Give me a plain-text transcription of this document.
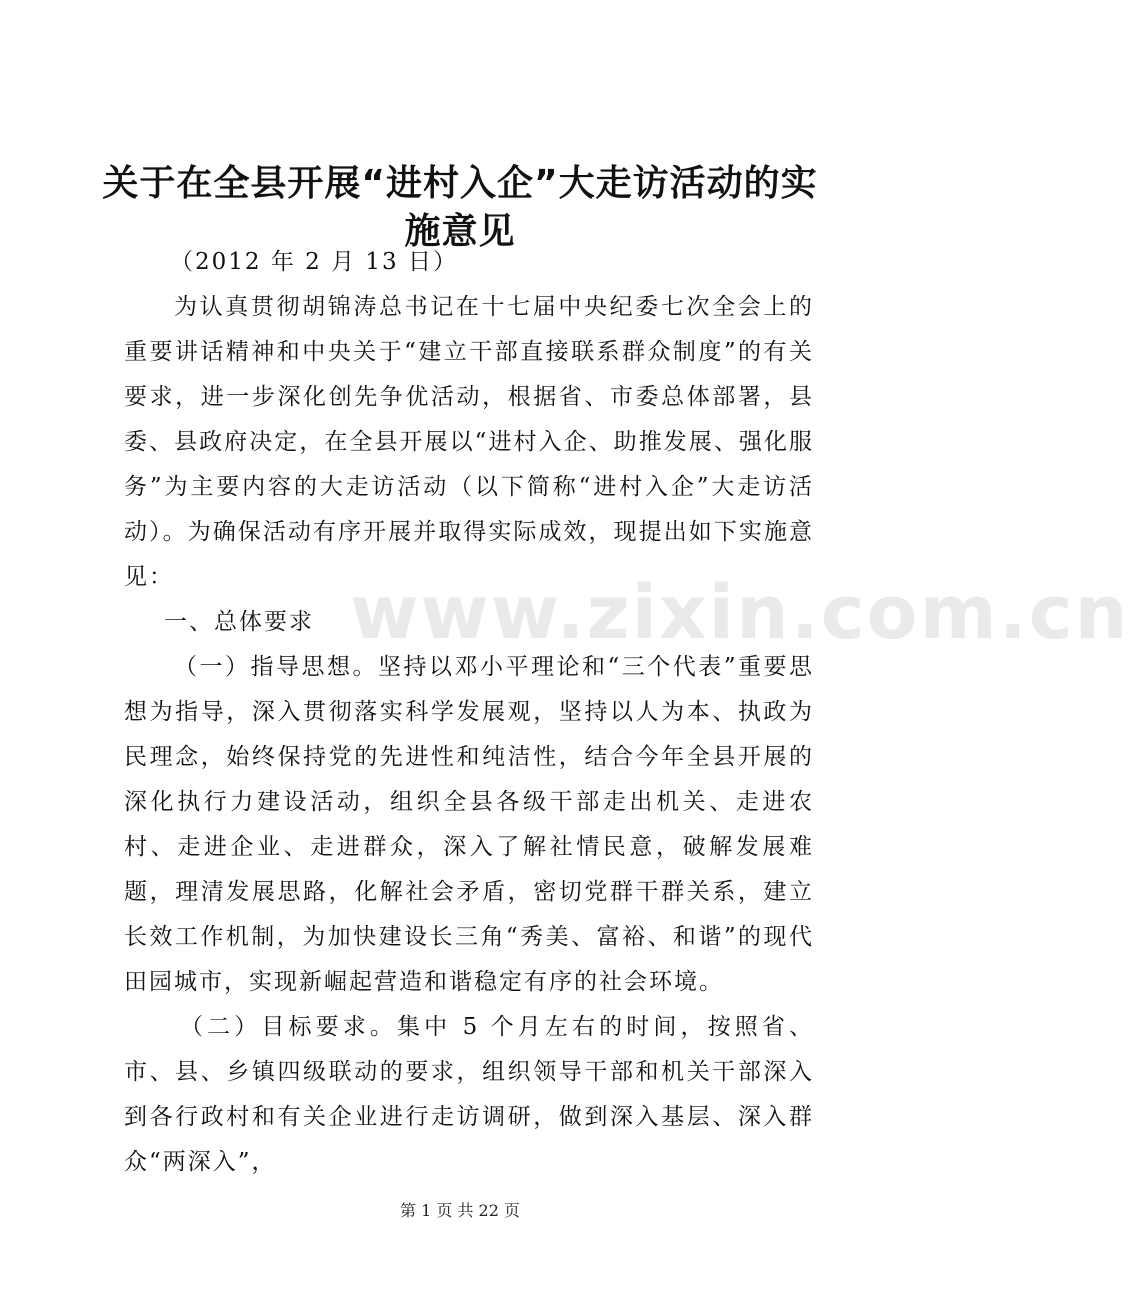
关于在全县开展“进村入企”大走访活动的实施意见

（2012 年 2 月 13 日）

为认真贯彻胡锦涛总书记在十七届中央纪委七次全会上的重要讲话精神和中央关于“建立干部直接联系群众制度”的有关要求，进一步深化创先争优活动，根据省、市委总体部署，县委、县政府决定，在全县开展以“进村入企、助推发展、强化服务”为主要内容的大走访活动（以下简称“进村入企”大走访活动）。为确保活动有序开展并取得实际成效，现提出如下实施意见：

一、总体要求

（一）指导思想。坚持以邓小平理论和“三个代表”重要思想为指导，深入贯彻落实科学发展观，坚持以人为本、执政为民理念，始终保持党的先进性和纯洁性，结合今年全县开展的深化执行力建设活动，组织全县各级干部走出机关、走进农村、走进企业、走进群众，深入了解社情民意，破解发展难题，理清发展思路，化解社会矛盾，密切党群干群关系，建立长效工作机制，为加快建设长三角“秀美、富裕、和谐”的现代田园城市，实现新崛起营造和谐稳定有序的社会环境。

（二）目标要求。集中 5 个月左右的时间，按照省、市、县、乡镇四级联动的要求，组织领导干部和机关干部深入到各行政村和有关企业进行走访调研，做到深入基层、深入群众“两深入”，

www.zixin.com.cn
第 1 页 共 22 页
